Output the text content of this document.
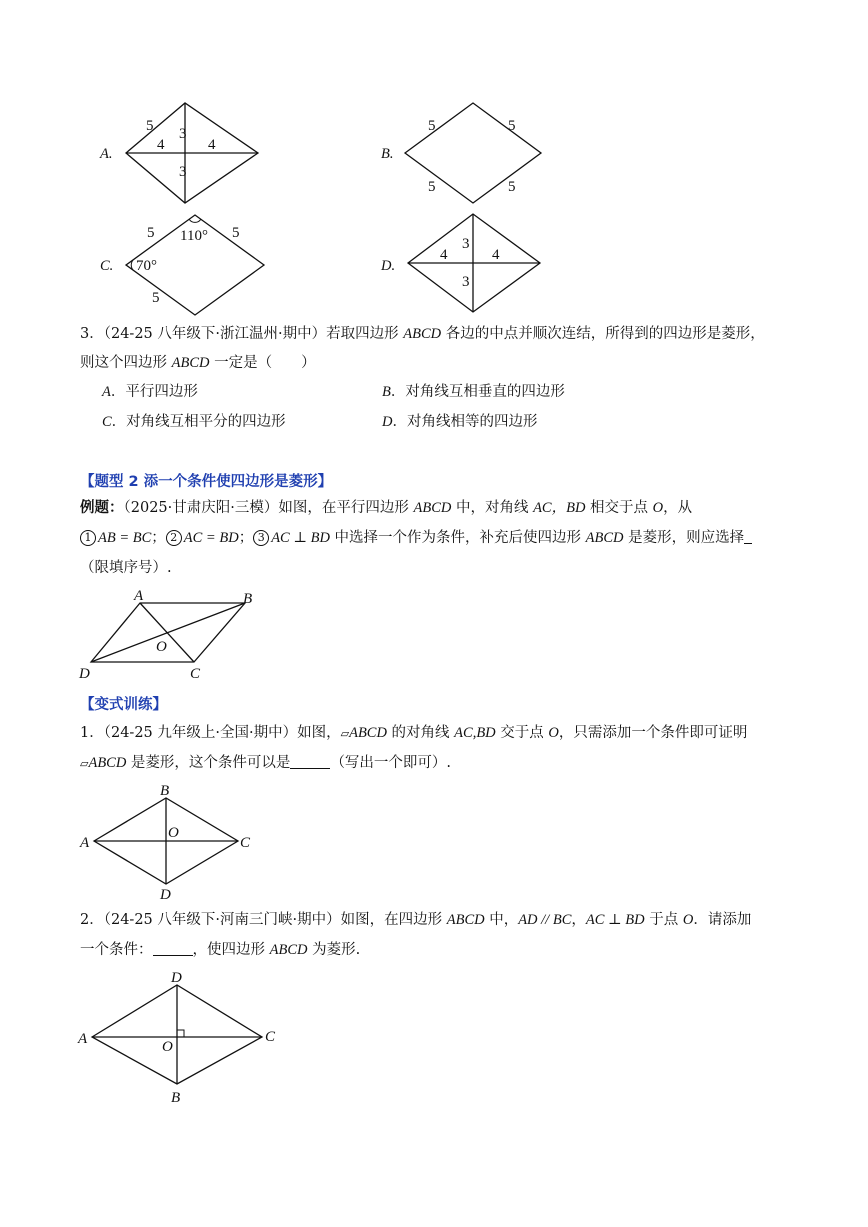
A.
5 3
4	4
3
B.
5	5
5	5
C.
5 110° 5
70°
5
D.
3
4	4
3
3．（24-25 八年级下·浙江温州·期中）若取四边形 ABCD 各边的中点并顺次连结，所得到的四边形是菱形，
则这个四边形 ABCD 一定是（　　）
A．平行四边形	B．对角线互相垂直的四边形
C．对角线互相平分的四边形	D．对角线相等的四边形
【题型 2 添一个条件使四边形是菱形】
例题：（2025·甘肃庆阳·三模）如图，在平行四边形 ABCD 中，对角线 AC，BD 相交于点 O，从
1 AB = BC； 2 AC = BD； 3 AC ⊥ BD 中选择一个作为条件，补充后使四边形 ABCD 是菱形，则应选择
（限填序号）.
A	B
D	C
O
【变式训练】
1．（24-25 九年级上·全国·期中）如图，▱ABCD 的对角线 AC,BD 交于点 O，只需添加一个条件即可证明
▱ABCD 是菱形，这个条件可以是	（写出一个即可）.
B
A	C
D
O
2．（24-25 八年级下·河南三门峡·期中）如图，在四边形 ABCD 中，AD // BC，AC ⊥ BD 于点 O．请添加
一个条件：	，使四边形 ABCD 为菱形.
D
A	C
O
B
